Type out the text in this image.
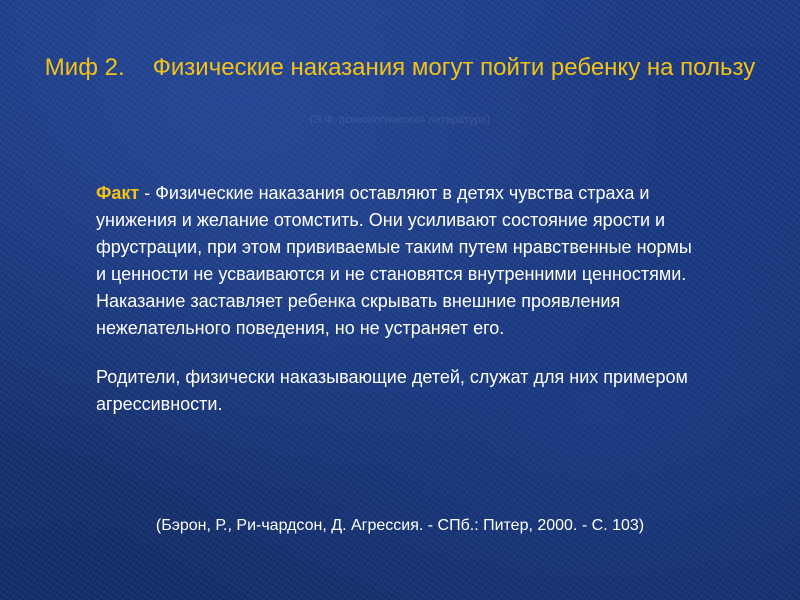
Миф 2. Физические наказания могут пойти ребенку на пользу
(Э.Ф. психологическая литература)

Факт - Физические наказания оставляют в детях чувства страха и унижения и желание отомстить. Они усиливают состояние ярости и фрустрации, при этом прививаемые таким путем нравственные нормы и ценности не усваиваются и не становятся внутренними ценностями. Наказание заставляет ребенка скрывать внешние проявления нежелательного поведения, но не устраняет его.

Родители, физически наказывающие детей, служат для них примером агрессивности.

(Бэрон, Р., Ри-чардсон, Д. Агрессия. - СПб.: Питер, 2000. - С. 103)
